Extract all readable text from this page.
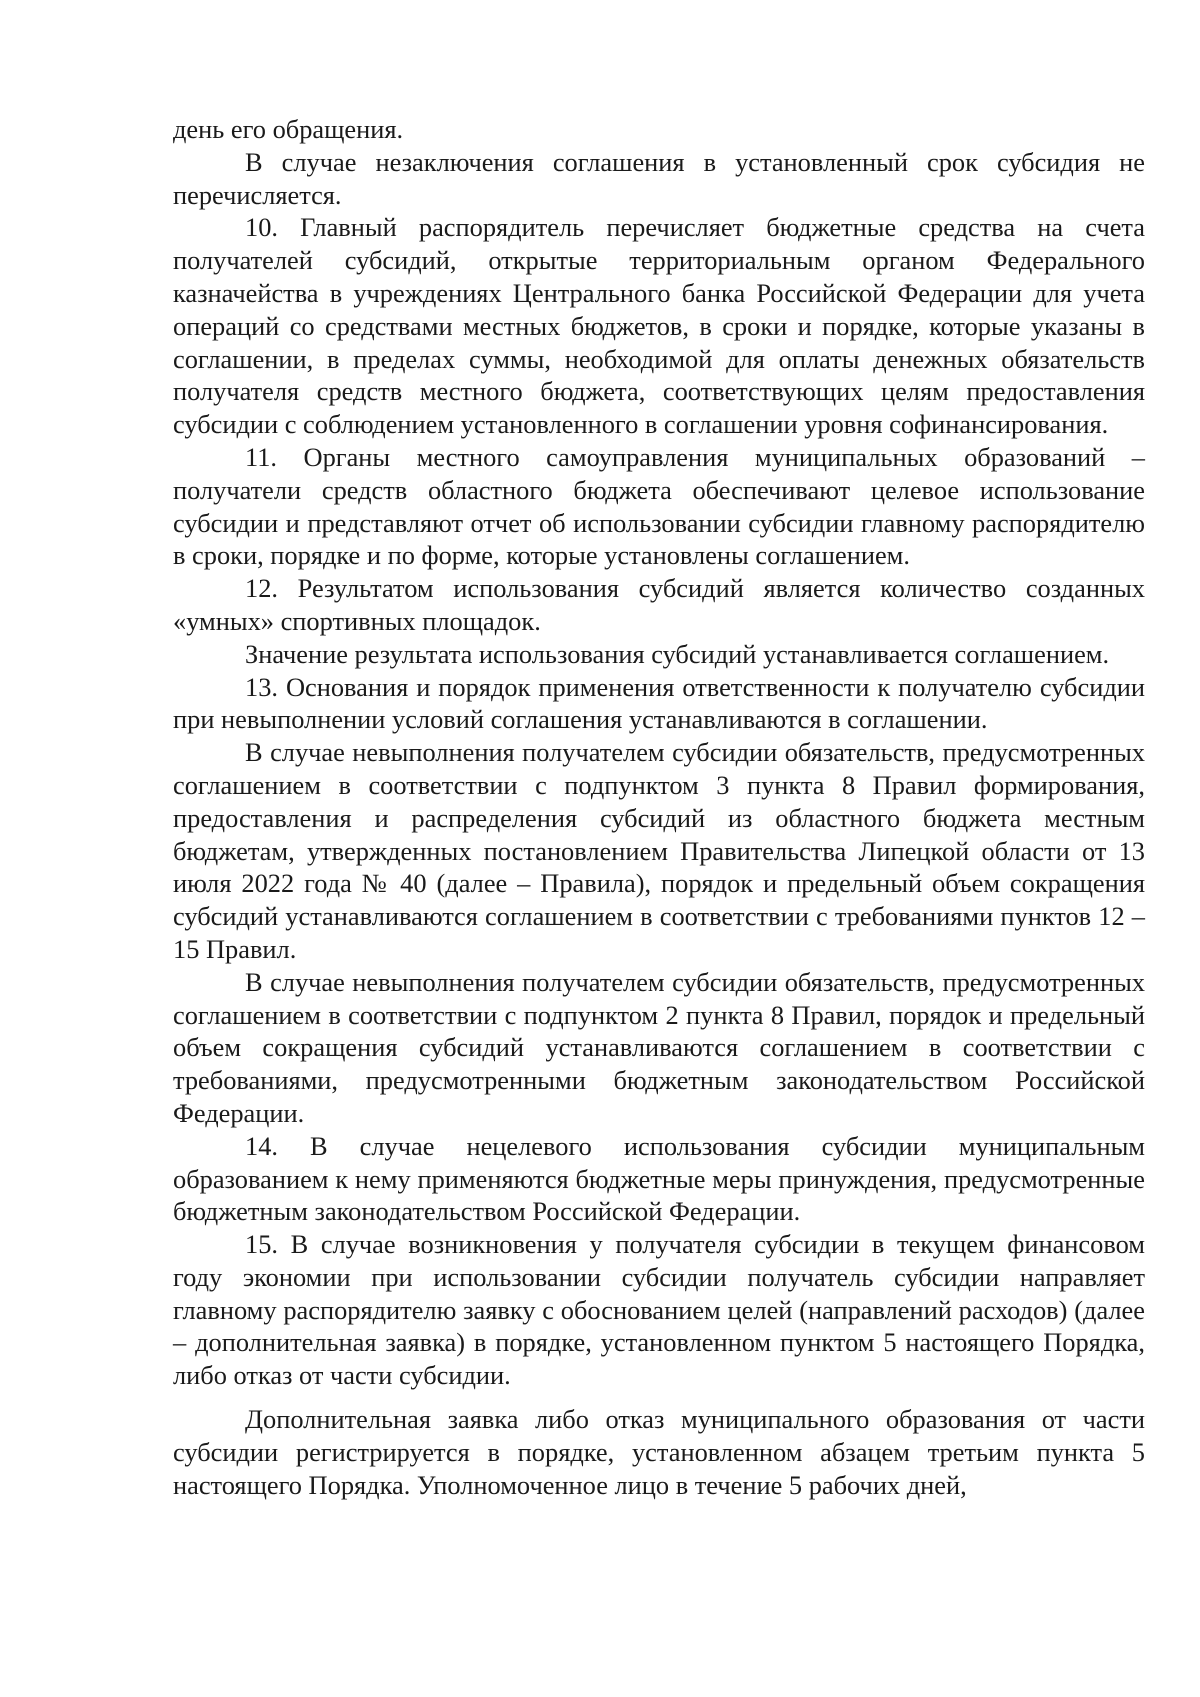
день его обращения.

В случае незаключения соглашения в установленный срок субсидия не перечисляется.

10. Главный распорядитель перечисляет бюджетные средства на счета получателей субсидий, открытые территориальным органом Федерального казначейства в учреждениях Центрального банка Российской Федерации для учета операций со средствами местных бюджетов, в сроки и порядке, которые указаны в соглашении, в пределах суммы, необходимой для оплаты денежных обязательств получателя средств местного бюджета, соответствующих целям предоставления субсидии с соблюдением установленного в соглашении уровня софинансирования.

11. Органы местного самоуправления муниципальных образований – получатели средств областного бюджета обеспечивают целевое использование субсидии и представляют отчет об использовании субсидии главному распорядителю в сроки, порядке и по форме, которые установлены соглашением.

12. Результатом использования субсидий является количество созданных «умных» спортивных площадок.

Значение результата использования субсидий устанавливается соглашением.

13. Основания и порядок применения ответственности к получателю субсидии при невыполнении условий соглашения устанавливаются в соглашении.

В случае невыполнения получателем субсидии обязательств, предусмотренных соглашением в соответствии с подпунктом 3 пункта 8 Правил формирования, предоставления и распределения субсидий из областного бюджета местным бюджетам, утвержденных постановлением Правительства Липецкой области от 13 июля 2022 года № 40 (далее – Правила), порядок и предельный объем сокращения субсидий устанавливаются соглашением в соответствии с требованиями пунктов 12 – 15 Правил.

В случае невыполнения получателем субсидии обязательств, предусмотренных соглашением в соответствии с подпунктом 2 пункта 8 Правил, порядок и предельный объем сокращения субсидий устанавливаются соглашением в соответствии с требованиями, предусмотренными бюджетным законодательством Российской Федерации.

14. В случае нецелевого использования субсидии муниципальным образованием к нему применяются бюджетные меры принуждения, предусмотренные бюджетным законодательством Российской Федерации.

15. В случае возникновения у получателя субсидии в текущем финансовом году экономии при использовании субсидии получатель субсидии направляет главному распорядителю заявку с обоснованием целей (направлений расходов) (далее – дополнительная заявка) в порядке, установленном пунктом 5 настоящего Порядка, либо отказ от части субсидии.

Дополнительная заявка либо отказ муниципального образования от части субсидии регистрируется в порядке, установленном абзацем третьим пункта 5 настоящего Порядка. Уполномоченное лицо в течение 5 рабочих дней,
